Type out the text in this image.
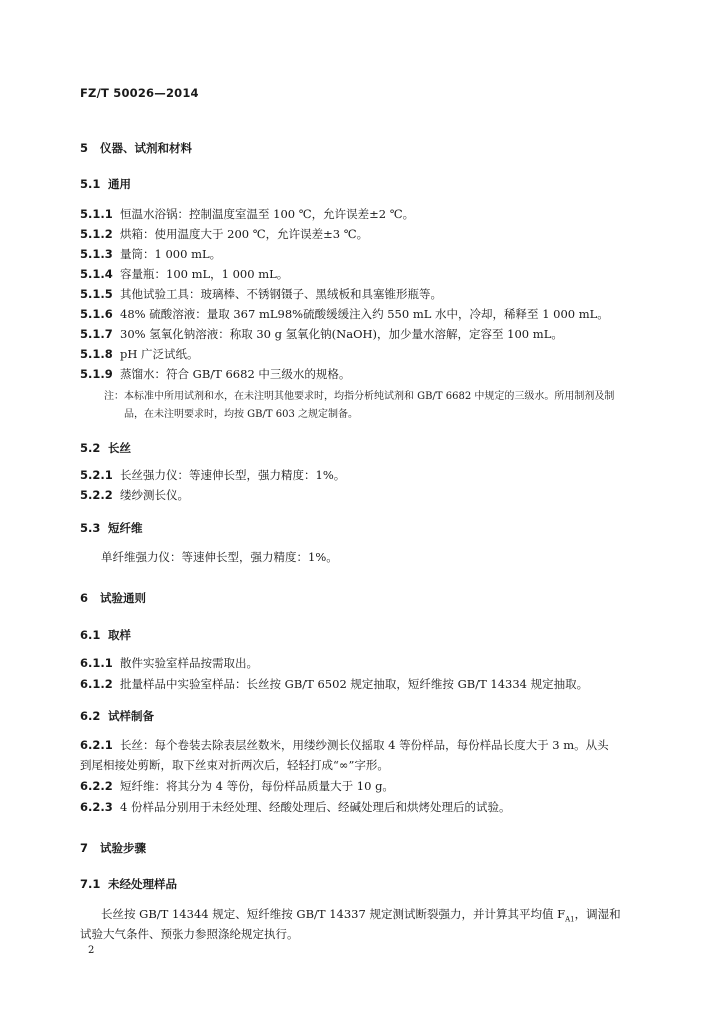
FZ/T 50026—2014
5 仪器、试剂和材料
5.1 通用
5.1.1 恒温水浴锅：控制温度室温至 100 ℃，允许误差±2 ℃。
5.1.2 烘箱：使用温度大于 200 ℃，允许误差±3 ℃。
5.1.3 量筒：1 000 mL。
5.1.4 容量瓶：100 mL，1 000 mL。
5.1.5 其他试验工具：玻璃棒、不锈钢镊子、黑绒板和具塞锥形瓶等。
5.1.6 48% 硫酸溶液：量取 367 mL98%硫酸缓缓注入约 550 mL 水中，冷却，稀释至 1 000 mL。
5.1.7 30% 氢氧化钠溶液：称取 30 g 氢氧化钠(NaOH)，加少量水溶解，定容至 100 mL。
5.1.8 pH 广泛试纸。
5.1.9 蒸馏水：符合 GB/T 6682 中三级水的规格。
5.2 长丝
5.2.1 长丝强力仪：等速伸长型，强力精度：1%。
5.2.2 缕纱测长仪。
5.3 短纤维
6 试验通则
6.1 取样
6.1.1 散件实验室样品按需取出。
6.1.2 批量样品中实验室样品：长丝按 GB/T 6502 规定抽取，短纤维按 GB/T 14334 规定抽取。
6.2 试样制备
6.2.1 长丝：每个卷装去除表层丝数米，用缕纱测长仪摇取 4 等份样品，每份样品长度大于 3 m。从头
6.2.2 短纤维：将其分为 4 等份，每份样品质量大于 10 g。
6.2.3 4 份样品分别用于未经处理、经酸处理后、经碱处理后和烘烤处理后的试验。
7 试验步骤
7.1 未经处理样品
注：本标准中所用试剂和水，在未注明其他要求时，均指分析纯试剂和 GB/T 6682 中规定的三级水。所用制剂及制
品，在未注明要求时，均按 GB/T 603 之规定制备。
单纤维强力仪：等速伸长型，强力精度：1%。
到尾相接处剪断，取下丝束对折两次后，轻轻打成“∞”字形。
长丝按 GB/T 14344 规定、短纤维按 GB/T 14337 规定测试断裂强力，并计算其平均值 $F_{A1}$，调湿和
试验大气条件、预张力参照涤纶规定执行。
2
